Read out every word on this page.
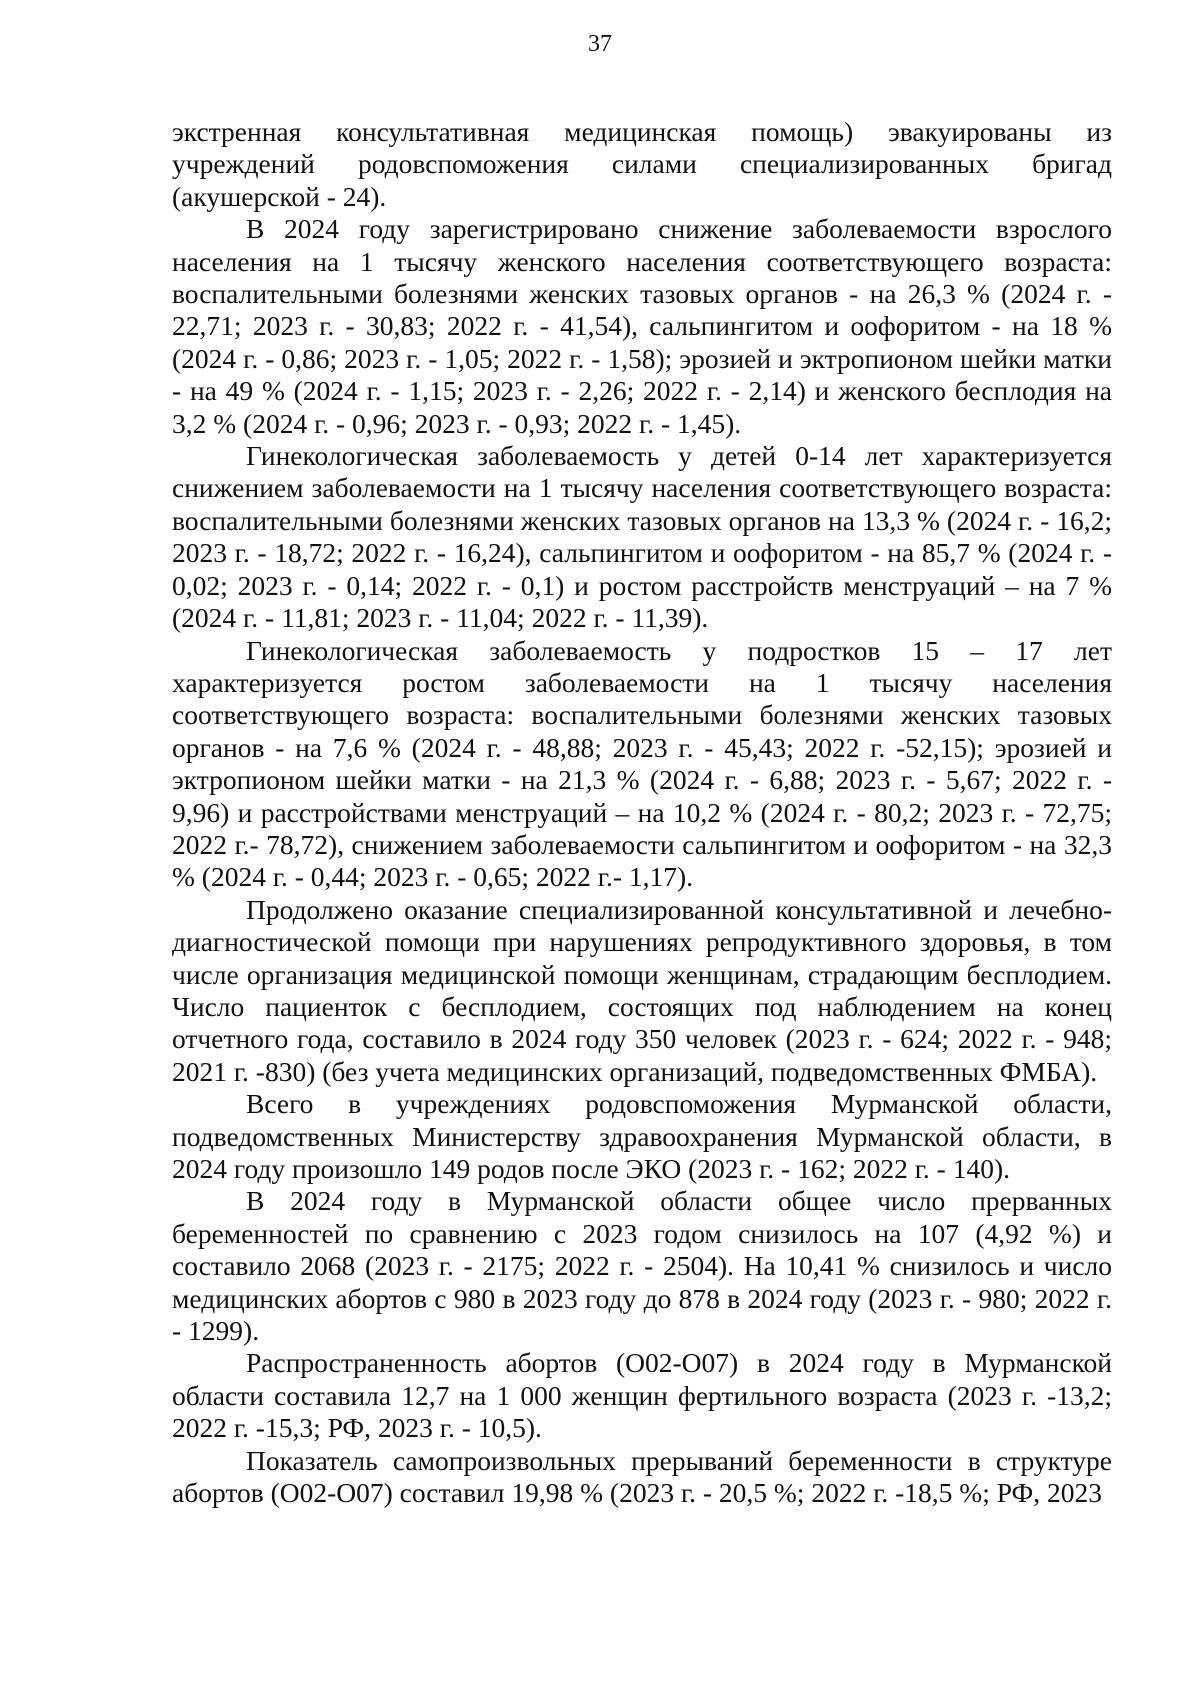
37

экстренная консультативная медицинская помощь) эвакуированы из учреждений родовспоможения силами специализированных бригад (акушерской - 24).

В 2024 году зарегистрировано снижение заболеваемости взрослого населения на 1 тысячу женского населения соответствующего возраста: воспалительными болезнями женских тазовых органов - на 26,3 % (2024 г. - 22,71; 2023 г. - 30,83; 2022 г. - 41,54), сальпингитом и оофоритом - на 18 % (2024 г. - 0,86; 2023 г. - 1,05; 2022 г. - 1,58); эрозией и эктропионом шейки матки - на 49 % (2024 г. - 1,15; 2023 г. - 2,26; 2022 г. - 2,14) и женского бесплодия на 3,2 % (2024 г. - 0,96; 2023 г. - 0,93; 2022 г. - 1,45).

Гинекологическая заболеваемость у детей 0-14 лет характеризуется снижением заболеваемости на 1 тысячу населения соответствующего возраста: воспалительными болезнями женских тазовых органов на 13,3 % (2024 г. - 16,2; 2023 г. - 18,72; 2022 г. - 16,24), сальпингитом и оофоритом - на 85,7 % (2024 г. - 0,02; 2023 г. - 0,14; 2022 г. - 0,1) и ростом расстройств менструаций – на 7 % (2024 г. - 11,81; 2023 г. - 11,04; 2022 г. - 11,39).

Гинекологическая заболеваемость у подростков 15 – 17 лет характеризуется ростом заболеваемости на 1 тысячу населения соответствующего возраста: воспалительными болезнями женских тазовых органов - на 7,6 % (2024 г. - 48,88; 2023 г. - 45,43; 2022 г. -52,15); эрозией и эктропионом шейки матки - на 21,3 % (2024 г. - 6,88; 2023 г. - 5,67; 2022 г. - 9,96) и расстройствами менструаций – на 10,2 % (2024 г. - 80,2; 2023 г. - 72,75; 2022 г.- 78,72), снижением заболеваемости сальпингитом и оофоритом - на 32,3 % (2024 г. - 0,44; 2023 г. - 0,65; 2022 г.- 1,17).

Продолжено оказание специализированной консультативной и лечебно-диагностической помощи при нарушениях репродуктивного здоровья, в том числе организация медицинской помощи женщинам, страдающим бесплодием. Число пациенток с бесплодием, состоящих под наблюдением на конец отчетного года, составило в 2024 году 350 человек (2023 г. - 624; 2022 г. - 948; 2021 г. -830) (без учета медицинских организаций, подведомственных ФМБА).

Всего в учреждениях родовспоможения Мурманской области, подведомственных Министерству здравоохранения Мурманской области, в 2024 году произошло 149 родов после ЭКО (2023 г. - 162; 2022 г. - 140).

В 2024 году в Мурманской области общее число прерванных беременностей по сравнению с 2023 годом снизилось на 107 (4,92 %) и составило 2068 (2023 г. - 2175; 2022 г. - 2504). На 10,41 % снизилось и число медицинских абортов с 980 в 2023 году до 878 в 2024 году (2023 г. - 980; 2022 г. - 1299).

Распространенность абортов (О02-О07) в 2024 году в Мурманской области составила 12,7 на 1 000 женщин фертильного возраста (2023 г. -13,2; 2022 г. -15,3; РФ, 2023 г. - 10,5).

Показатель самопроизвольных прерываний беременности в структуре абортов (О02-О07) составил 19,98 % (2023 г. - 20,5 %; 2022 г. -18,5 %; РФ, 2023
